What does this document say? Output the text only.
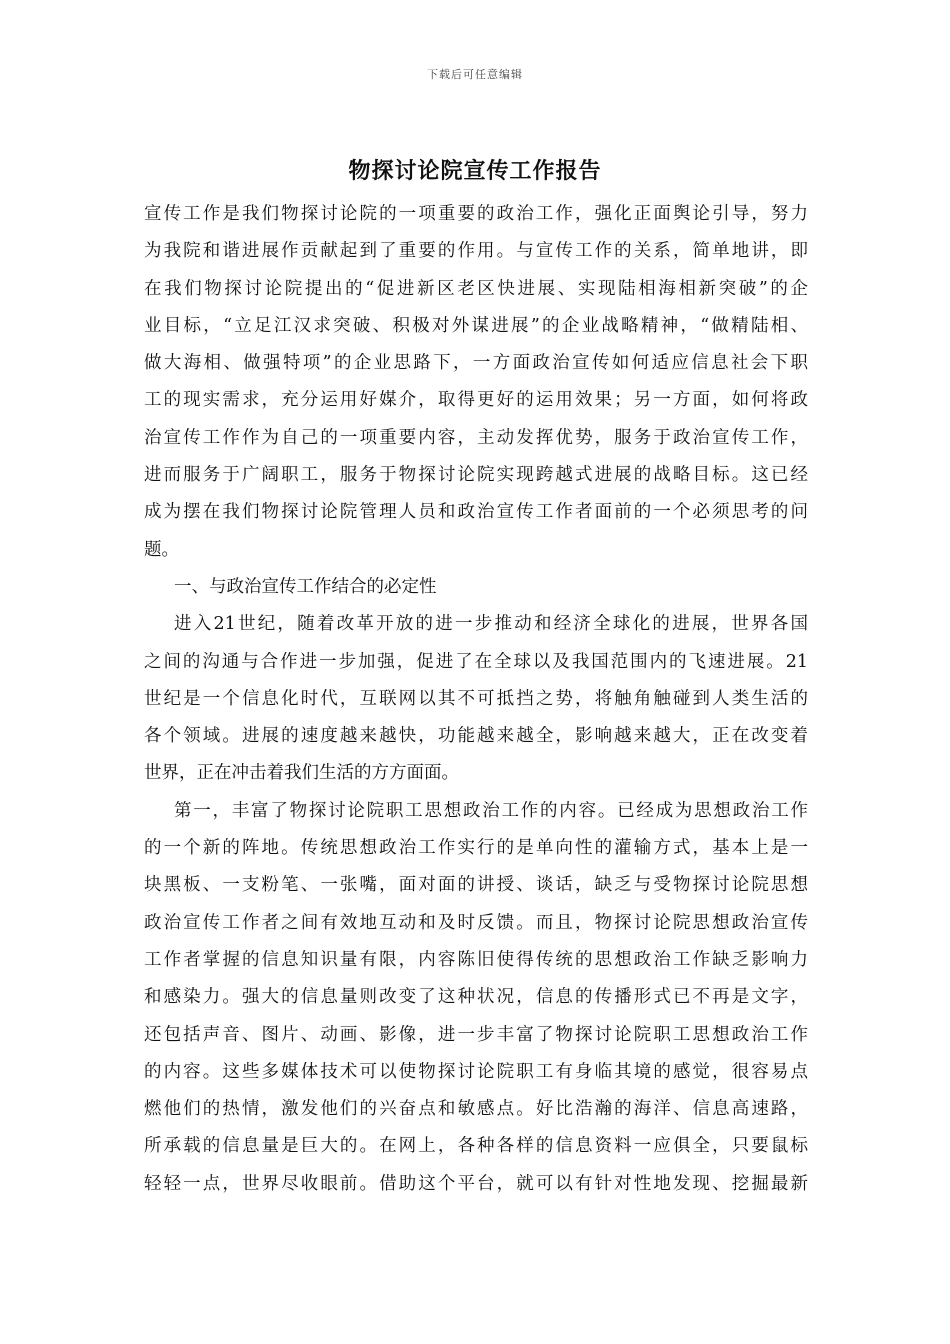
下载后可任意编辑
物探讨论院宣传工作报告
宣传工作是我们物探讨论院的一项重要的政治工作，强化正面舆论引导，努力
为我院和谐进展作贡献起到了重要的作用。与宣传工作的关系，简单地讲，即
在我们物探讨论院提出的“促进新区老区快进展、实现陆相海相新突破”的企
业目标，“立足江汉求突破、积极对外谋进展”的企业战略精神，“做精陆相、
做大海相、做强特项”的企业思路下，一方面政治宣传如何适应信息社会下职
工的现实需求，充分运用好媒介，取得更好的运用效果；另一方面，如何将政
治宣传工作作为自己的一项重要内容，主动发挥优势，服务于政治宣传工作，
进而服务于广阔职工，服务于物探讨论院实现跨越式进展的战略目标。这已经
成为摆在我们物探讨论院管理人员和政治宣传工作者面前的一个必须思考的问
题。
一、与政治宣传工作结合的必定性
进入21世纪，随着改革开放的进一步推动和经济全球化的进展，世界各国
之间的沟通与合作进一步加强，促进了在全球以及我国范围内的飞速进展。21
世纪是一个信息化时代，互联网以其不可抵挡之势，将触角触碰到人类生活的
各个领域。进展的速度越来越快，功能越来越全，影响越来越大，正在改变着
世界，正在冲击着我们生活的方方面面。
第一，丰富了物探讨论院职工思想政治工作的内容。已经成为思想政治工作
的一个新的阵地。传统思想政治工作实行的是单向性的灌输方式，基本上是一
块黑板、一支粉笔、一张嘴，面对面的讲授、谈话，缺乏与受物探讨论院思想
政治宣传工作者之间有效地互动和及时反馈。而且，物探讨论院思想政治宣传
工作者掌握的信息知识量有限，内容陈旧使得传统的思想政治工作缺乏影响力
和感染力。强大的信息量则改变了这种状况，信息的传播形式已不再是文字，
还包括声音、图片、动画、影像，进一步丰富了物探讨论院职工思想政治工作
的内容。这些多媒体技术可以使物探讨论院职工有身临其境的感觉，很容易点
燃他们的热情，激发他们的兴奋点和敏感点。好比浩瀚的海洋、信息高速路，
所承载的信息量是巨大的。在网上，各种各样的信息资料一应俱全，只要鼠标
轻轻一点，世界尽收眼前。借助这个平台，就可以有针对性地发现、挖掘最新
